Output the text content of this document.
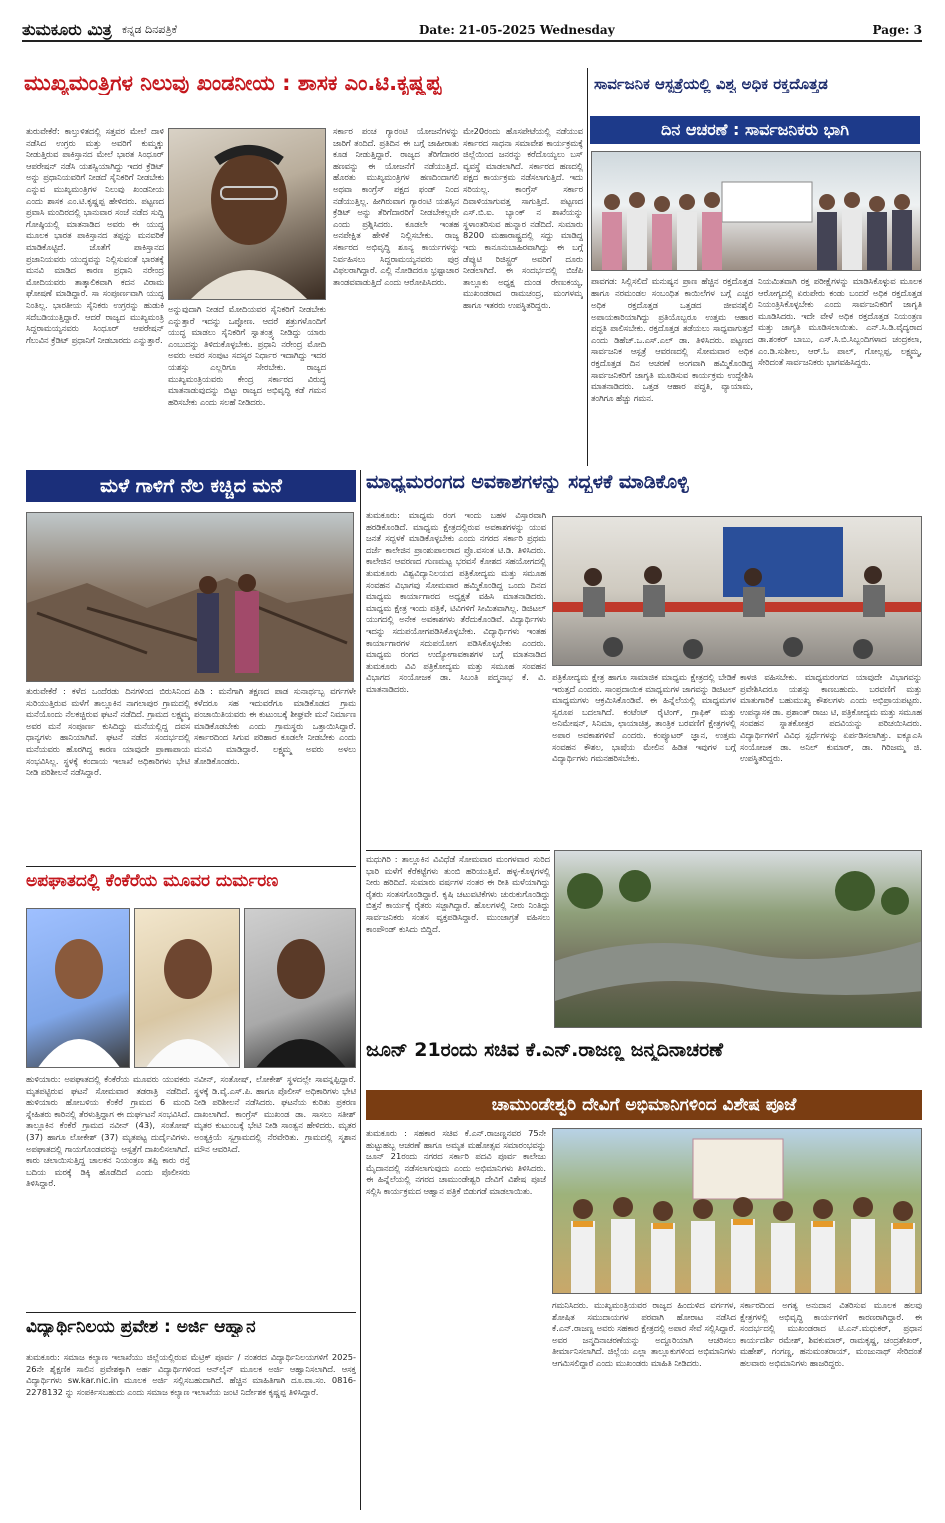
ತುಮಕೂರು ಮಿತ್ರ ಕನ್ನಡ ದಿನಪತ್ರಿಕೆ	Date: 21-05-2025 Wednesday	Page: 3
ಮುಖ್ಯಮಂತ್ರಿಗಳ ನಿಲುವು ಖಂಡನೀಯ : ಶಾಸಕ ಎಂ.ಟಿ.ಕೃಷ್ಣಪ್ಪ	ಸಾರ್ವಜನಿಕ ಆಸ್ಪತ್ರೆಯಲ್ಲಿ ವಿಶ್ವ ಅಧಿಕ ರಕ್ತದೊತ್ತಡ
ದಿನ ಆಚರಣೆ : ಸಾರ್ವಜನಿಕರು ಭಾಗಿ

ತುರುವೇಕೆರೆ: ಕಾಲ್ತುಳಿತದಲ್ಲಿ ಸತ್ತವರ ಮೇಲೆ ದಾಳಿ ನಡೆಸಿದ ಉಗ್ರರು ಮತ್ತು ಅವರಿಗೆ ಕುಮ್ಮಕ್ಕು ನೀಡುತ್ತಿರುವ ಪಾಕಿಸ್ತಾನದ ಮೇಲೆ ಭಾರತ ಸಿಂಧೂರ್ ಆಪರೇಷನ್ ನಡೆಸಿ ಯಶಸ್ವಿಯಾಗಿದ್ದು ಇದರ ಕ್ರೆಡಿಟ್ ಅನ್ನು ಪ್ರಧಾನಿಯವರಿಗೆ ನೀಡದೆ ಸೈನಿಕರಿಗೆ ನೀಡಬೇಕು ಎನ್ನುವ ಮುಖ್ಯಮಂತ್ರಿಗಳ ನಿಲುವು ಖಂಡನೀಯ ಎಂದು ಶಾಸಕ ಎಂ.ಟಿ.ಕೃಷ್ಣಪ್ಪ ಹೇಳಿದರು. ಪಟ್ಟಣದ ಪ್ರವಾಸಿ ಮಂದಿರದಲ್ಲಿ ಭಾನುವಾರ ಸಂಜೆ ನಡೆದ ಸುದ್ದಿ ಗೋಷ್ಠಿಯಲ್ಲಿ ಮಾತನಾಡಿದ ಅವರು ಈ ಯುದ್ಧ ಮೂಲಕ ಭಾರತ ಪಾಕಿಸ್ತಾನದ ತಪ್ಪನ್ನು ಮನವರಿಕೆ ಮಾಡಿಕೊಟ್ಟಿದೆ. ಜೊತೆಗೆ ಪಾಕಿಸ್ತಾನದ ಪ್ರಜಾನಿಯವರು ಯುದ್ಧವನ್ನು ನಿಲ್ಲಿಸುವಂತೆ ಭಾರತಕ್ಕೆ ಮನವಿ ಮಾಡಿದ ಕಾರಣ ಪ್ರಧಾನಿ ನರೇಂದ್ರ ಮೋದಿಯವರು ತಾತ್ಕಾಲಿಕವಾಗಿ ಕದನ ವಿರಾಮ ಘೋಷಣೆ ಮಾಡಿದ್ದಾರೆ. ಸಾ ಸಂಪೂರ್ಣವಾಗಿ ಯುದ್ಧ ನಿಂತಿಲ್ಲ. ಭಾರತೀಯ ಸೈನಿಕರು ಉಗ್ರರನ್ನು ಹುಡುಕಿ ಸದೆಬಡಿಯುತ್ತಿದ್ದಾರೆ. ಆದರೆ ರಾಜ್ಯದ ಮುಖ್ಯಮಂತ್ರಿ ಸಿದ್ದರಾಮಯ್ಯನವರು ಸಿಂಧೂರ್ ಆಪರೇಷನ್ ಗೆಲುವಿನ ಕ್ರೆಡಿಟ್ ಪ್ರಧಾನಿಗೆ ನೀಡಬಾರದು ಎನ್ನುತ್ತಾರೆ.

ಅನ್ನುವುದಾಗಿ ನೀಡದೆ ಮೋದಿಯವರ ಸೈನಿಕರಿಗೆ ನೀಡಬೇಕು ಎನ್ನುತ್ತಾರೆ ಇದನ್ನು ಒಪ್ಪೋಣ. ಆದರೆ ಶತ್ರುಗಳೊಂದಿಗೆ ಯುದ್ಧ ಮಾಡಲು ಸೈನಿಕರಿಗೆ ಸ್ವಾತಂತ್ರ್ಯ ನೀಡಿದ್ದು ಯಾರು ಎಂಬುದನ್ನು ತಿಳಿದುಕೊಳ್ಳಬೇಕು. ಪ್ರಧಾನಿ ನರೇಂದ್ರ ಮೋದಿ ಅವರು ಅವರ ಸಂಪುಟ ಸದಸ್ಯರ ನಿರ್ಧಾರ ಇದಾಗಿದ್ದು ಇದರ ಯಶಸ್ಸು ಎಲ್ಲರಿಗೂ ಸೇರಬೇಕು. ರಾಜ್ಯದ ಮುಖ್ಯಮಂತ್ರಿಯವರು ಕೇಂದ್ರ ಸರ್ಕಾರದ ವಿರುದ್ಧ ಮಾತನಾಡುವುದನ್ನು ಬಿಟ್ಟು ರಾಜ್ಯದ ಅಭಿವೃದ್ಧಿ ಕಡೆ ಗಮನ ಹರಿಸಬೇಕು ಎಂದು ಸಲಹೆ ನೀಡಿದರು.

ಸರ್ಕಾರ ಪಂಚ ಗ್ಯಾರಂಟಿ ಯೋಜನೆಗಳನ್ನು ಜಾರಿಗೆ ತಂದಿದೆ. ಪ್ರತಿದಿನ ಈ ಬಗ್ಗೆ ಜಾಹೀರಾತು ಕೂಡ ನೀಡುತ್ತಿದ್ದಾರೆ. ರಾಜ್ಯದ ತೆರಿಗೆದಾರರ ಹಣವನ್ನು ಈ ಯೋಜನೆಗೆ ನಡೆಯುತ್ತಿದೆ. ಹೊರತು ಮುಖ್ಯಮಂತ್ರಿಗಳ ಹಣದಿಂದಾಗಲಿ ಅಥವಾ ಕಾಂಗ್ರೆಸ್ ಪಕ್ಷದ ಫಂಡ್ ನಿಂದ ನಡೆಯುತ್ತಿಲ್ಲ. ಹೀಗಿರುವಾಗ ಗ್ಯಾರಂಟಿ ಯಶಸ್ಸಿನ ಕ್ರೆಡಿಟ್ ಅನ್ನು ತೆರಿಗೆದಾರರಿಗೆ ನೀಡಬೇಕಲ್ಲವೇ ಎಂದು ಪ್ರಶ್ನಿಸಿದರು. ಕೂಡಲೇ ಇಂತಹ ಅನಪೇಕ್ಷಿತ ಹೇಳಿಕೆ ನಿಲ್ಲಿಸಬೇಕು. ರಾಜ್ಯ ಸರ್ಕಾರದ ಅಭಿವೃದ್ಧಿ ಶೂನ್ಯ ಕಾರ್ಯಗಳನ್ನು ನಿರ್ವಹಿಸಲು ಸಿದ್ದರಾಮಯ್ಯನವರು ಪುರ್ರ ವಿಫಲರಾಗಿದ್ದಾರೆ. ಎಲ್ಲಿ ನೋಡಿದರೂ ಭ್ರಷ್ಟಾಚಾರ ತಾಂಡವವಾಡುತ್ತಿದೆ ಎಂದು ಆರೋಪಿಸಿದರು.

ಮೇ20ರಂದು ಹೊಸಪೇಟೆಯಲ್ಲಿ ನಡೆಯುವ ಸರ್ಕಾರದ ಸಾಧನಾ ಸಮಾವೇಶ ಕಾರ್ಯಕ್ರಮಕ್ಕೆ ಜಿಲ್ಲೆಯಿಂದ ಜನರನ್ನು ಕರೆದೊಯ್ಯಲು ಬಸ್ ವ್ಯವಸ್ಥೆ ಮಾಡಲಾಗಿದೆ. ಸರ್ಕಾರದ ಹಣದಲ್ಲಿ ಪಕ್ಷದ ಕಾರ್ಯಕ್ರಮ ನಡೆಸಲಾಗುತ್ತಿದೆ. ಇದು ಸರಿಯಲ್ಲ. ಕಾಂಗ್ರೆಸ್ ಸರ್ಕಾರ ದಿವಾಳಿಯಾಗುವತ್ತ ಸಾಗುತ್ತಿದೆ. ಪಟ್ಟಣದ ಎಸ್.ಬಿ.ಐ. ಬ್ಯಾಂಕ್ ನ ಶಾಖೆಯನ್ನು ಸ್ಥಳಾಂತರಿಸುವ ಹುನ್ನಾರ ನಡೆದಿದೆ. ಸುಮಾರು 8200 ಮಹಾರಾಷ್ಟ್ರದಲ್ಲಿ ಸದ್ದು ಮಾಡಿದ್ದ ಇದು ಕಾನೂನುಬಾಹಿರವಾಗಿದ್ದು ಈ ಬಗ್ಗೆ ಡೆಪ್ಯುಟಿ ರಿಜಿಸ್ಟ್ರರ್ ಅವರಿಗೆ ದೂರು ನೀಡಲಾಗಿದೆ. ಈ ಸಂದರ್ಭದಲ್ಲಿ ಬಿಜೆಪಿ ತಾಲ್ಲೂಕು ಅಧ್ಯಕ್ಷ ದುಂಡ ರೇಣುಕಯ್ಯ, ಮುಖಂಡರಾದ ರಾಮಚಂದ್ರ, ಮಂಗಳಮ್ಮ ಹಾಗೂ ಇತರರು ಉಪಸ್ಥಿತರಿದ್ದರು.

ಪಾವಗಡ: ಸಿಲ್ಲಿಸಲಿದೆ ಮನುಷ್ಯನ ಪ್ರಾಣ ಹೆಚ್ಚಿನ ರಕ್ತದೊತ್ತಡ ಹಾಗೂ ನರಮಂಡಲ ಸಂಬಂಧಿತ ಕಾಯಿಲೆಗಳ ಬಗ್ಗೆ ಎಚ್ಚರ

ಅಧಿಕ ರಕ್ತದೊತ್ತಡ ಒತ್ತಡದ ಜೀವನಶೈಲಿ ಅಪಾಯಕಾರಿಯಾಗಿದ್ದು ಪ್ರತಿಯೊಬ್ಬರೂ ಉತ್ತಮ ಆಹಾರ ಪದ್ಧತಿ ಪಾಲಿಸಬೇಕು. ರಕ್ತದೊತ್ತಡ ತಡೆಯಲು ಸಾಧ್ಯವಾಗುತ್ತದೆ ಎಂದು ಡಿಹೆಚ್.ಒ.ಎಸ್.ಎಲ್ ಡಾ. ತಿಳಿಸಿದರು. ಪಟ್ಟಣದ ಸಾರ್ವಜನಿಕ ಆಸ್ಪತ್ರೆ ಆವರಣದಲ್ಲಿ ಸೋಮವಾರ ಅಧಿಕ ರಕ್ತದೊತ್ತಡ ದಿನ ಆಚರಣೆ ಅಂಗವಾಗಿ ಹಮ್ಮಿಕೊಂಡಿದ್ದ ಸಾರ್ವಜನಿಕರಿಗೆ ಜಾಗೃತಿ ಮೂಡಿಸುವ ಕಾರ್ಯಕ್ರಮ ಉದ್ದೇಶಿಸಿ ಮಾತನಾಡಿದರು. ಒತ್ತಡ ಆಹಾರ ಪದ್ಧತಿ, ವ್ಯಾಯಾಮ, ತಂಗಿಗೂ ಹೆಚ್ಚು ಗಮನ.

ನಿಯಮಿತವಾಗಿ ರಕ್ತ ಪರೀಕ್ಷೆಗಳನ್ನು ಮಾಡಿಸಿಕೊಳ್ಳುವ ಮೂಲಕ ಆರೋಗ್ಯದಲ್ಲಿ ಏರುಪೇರು ಕಂಡು ಬಂದರೆ ಅಧಿಕ ರಕ್ತದೊತ್ತಡ ನಿಯಂತ್ರಿಸಿಕೊಳ್ಳಬೇಕು ಎಂದು ಸಾರ್ವಜನಿಕರಿಗೆ ಜಾಗೃತಿ ಮೂಡಿಸಿದರು. ಇದೇ ವೇಳೆ ಅಧಿಕ ರಕ್ತದೊತ್ತಡ ನಿಯಂತ್ರಣ ಮತ್ತು ಜಾಗೃತಿ ಮೂಡಿಸಲಾಯಿತು. ಎನ್.ಸಿ.ಡಿ.ವೈದ್ಯರಾದ ಡಾ.ಶಂಕರ್ ಬಾಬು, ಎಸ್.ಸಿ.ಬಿ.ಸಿಬ್ಬಂದಿಗಳಾದ ಚಂದ್ರಕಲಾ, ಎಂ.ಡಿ.ಸುಶೀಲ, ಆರ್.ಓ ಪಾಲ್, ಗೋಲ್ಲಪ್ಪ, ಲಕ್ಷ್ಮಮ್ಮ, ಸೇರಿದಂತೆ ಸಾರ್ವಜನಿಕರು ಭಾಗವಹಿಸಿದ್ದರು.

ಮಳೆ ಗಾಳಿಗೆ ನೆಲ ಕಚ್ಚಿದ ಮನೆ	ಮಾಧ್ಯಮರಂಗದ ಅವಕಾಶಗಳನ್ನು ಸದ್ಬಳಕೆ ಮಾಡಿಕೊಳ್ಳಿ

ತುರುವೇಕೆರೆ : ಕಳೆದ ಒಂದೆರಡು ದಿನಗಳಿಂದ ಬಿರುಸಿನಿಂದ ಸುರಿಯುತ್ತಿರುವ ಮಳೆಗೆ ತಾಲ್ಲೂಕಿನ ನಾಗಲಾಪುರ ಗ್ರಾಮದಲ್ಲಿ ಮನೆಯೊಂದು ನೆಲಕಚ್ಚಿರುವ ಘಟನೆ ನಡೆದಿದೆ. ಗ್ರಾಮದ ಲಕ್ಷ್ಮಮ್ಮ ಅವರ ಮನೆ ಸಂಪೂರ್ಣ ಕುಸಿದಿದ್ದು ಮನೆಯಲ್ಲಿದ್ದ ದವಸ ಧಾನ್ಯಗಳು ಹಾನಿಯಾಗಿವೆ. ಘಟನೆ ನಡೆದ ಸಂದರ್ಭದಲ್ಲಿ ಮನೆಯವರು ಹೊರಗಿದ್ದ ಕಾರಣ ಯಾವುದೇ ಪ್ರಾಣಾಪಾಯ ಸಂಭವಿಸಿಲ್ಲ. ಸ್ಥಳಕ್ಕೆ ಕಂದಾಯ ಇಲಾಖೆ ಅಧಿಕಾರಿಗಳು ಭೇಟಿ ನೀಡಿ ಪರಿಶೀಲನೆ ನಡೆಸಿದ್ದಾರೆ.

ಪಿಡಿ : ಮನೆಗಾಗಿ ತಕ್ಷಣದ ಪಾಡ ಸುನಾರ್ಥಬ್ಬ ವರ್ಗಗಳೇ ಕಳೆದರೂ ಸಹ ಇದುವರೆಗೂ ಮಾಡಿಕೊಡದ ಗ್ರಾಮ ಪಂಚಾಯಿತಿಯವರು ಈ ಕುಟುಂಬಕ್ಕೆ ಶೀಘ್ರವೇ ಮನೆ ನಿರ್ಮಾಣ ಮಾಡಿಕೊಡಬೇಕು ಎಂದು ಗ್ರಾಮಸ್ಥರು ಒತ್ತಾಯಿಸಿದ್ದಾರೆ. ಸರ್ಕಾರದಿಂದ ಸಿಗುವ ಪರಿಹಾರ ಕೂಡಲೇ ನೀಡಬೇಕು ಎಂದು ಮನವಿ ಮಾಡಿದ್ದಾರೆ. ಲಕ್ಷ್ಮಮ್ಮ ಅವರು ಅಳಲು ತೋಡಿಕೊಂಡರು.

ತುಮಕೂರು: ಮಾಧ್ಯಮ ರಂಗ ಇಂದು ಬಹಳ ವಿಸ್ತಾರವಾಗಿ ಹರಡಿಕೊಂಡಿದೆ. ಮಾಧ್ಯಮ ಕ್ಷೇತ್ರದಲ್ಲಿರುವ ಅವಕಾಶಗಳನ್ನು ಯುವ ಜನತೆ ಸದ್ಬಳಕೆ ಮಾಡಿಕೊಳ್ಳಬೇಕು ಎಂದು ನಗರದ ಸರ್ಕಾರಿ ಪ್ರಥಮ ದರ್ಜೆ ಕಾಲೇಜಿನ ಪ್ರಾಂಶುಪಾಲರಾದ ಪ್ರೊ.ವಸಂತ ಟಿ.ಡಿ. ತಿಳಿಸಿದರು. ಕಾಲೇಜಿನ ಆವರಣದ ಗುಣಮಟ್ಟ ಭರವಸೆ ಕೋಶದ ಸಹಯೋಗದಲ್ಲಿ ತುಮಕೂರು ವಿಶ್ವವಿದ್ಯಾನಿಲಯದ ಪತ್ರಿಕೋದ್ಯಮ ಮತ್ತು ಸಮೂಹ ಸಂವಹನ ವಿಭಾಗವು ಸೋಮವಾರ ಹಮ್ಮಿಕೊಂಡಿದ್ದ ಒಂದು ದಿನದ ಮಾಧ್ಯಮ ಕಾರ್ಯಾಗಾರದ ಅಧ್ಯಕ್ಷತೆ ವಹಿಸಿ ಮಾತನಾಡಿದರು. ಮಾಧ್ಯಮ ಕ್ಷೇತ್ರ ಇಂದು ಪತ್ರಿಕೆ, ಟಿವಿಗಳಿಗೆ ಸೀಮಿತವಾಗಿಲ್ಲ. ಡಿಜಿಟಲ್ ಯುಗದಲ್ಲಿ ಅನೇಕ ಅವಕಾಶಗಳು ತೆರೆದುಕೊಂಡಿವೆ. ವಿದ್ಯಾರ್ಥಿಗಳು ಇದನ್ನು ಸದುಪಯೋಗಪಡಿಸಿಕೊಳ್ಳಬೇಕು. ವಿದ್ಯಾರ್ಥಿಗಳು ಇಂತಹ ಕಾರ್ಯಾಗಾರಗಳ ಸದುಪಯೋಗ ಪಡಿಸಿಕೊಳ್ಳಬೇಕು ಎಂದರು. ಮಾಧ್ಯಮ ರಂಗದ ಉದ್ಯೋಗಾವಕಾಶಗಳ ಬಗ್ಗೆ ಮಾತನಾಡಿದ ತುಮಕೂರು ವಿವಿ ಪತ್ರಿಕೋದ್ಯಮ ಮತ್ತು ಸಮೂಹ ಸಂವಹನ ವಿಭಾಗದ ಸಂಯೋಜಕ ಡಾ. ಸಿಬಂತಿ ಪದ್ಮನಾಭ ಕೆ. ವಿ. ಮಾತನಾಡಿದರು.

ಪತ್ರಿಕೋದ್ಯಮ ಕ್ಷೇತ್ರ ಹಾಗೂ ಸಾಮಾಜಿಕ ಮಾಧ್ಯಮ ಕ್ಷೇತ್ರದಲ್ಲಿ ಬೇಡಿಕೆ ಇರುತ್ತದೆ ಎಂದರು. ಸಾಂಪ್ರದಾಯಿಕ ಮಾಧ್ಯಮಗಳ ಜಾಗವನ್ನು ಡಿಜಿಟಲ್ ಮಾಧ್ಯಮಗಳು ಆಕ್ರಮಿಸಿಕೊಂಡಿವೆ. ಈ ಹಿನ್ನೆಲೆಯಲ್ಲಿ ಮಾಧ್ಯಮಗಳ ಸ್ವರೂಪ ಬದಲಾಗಿದೆ. ಕಂಟೆಂಟ್ ರೈಟಿಂಗ್, ಗ್ರಾಫಿಕ್ ಮತ್ತು ಅನಿಮೇಷನ್, ಸಿನಿಮಾ, ಛಾಯಾಚಿತ್ರ, ತಾಂತ್ರಿಕ ಬರವಣಿಗೆ ಕ್ಷೇತ್ರಗಳಲ್ಲಿ ಅಪಾರ ಅವಕಾಶಗಳಿವೆ ಎಂದರು. ಕಂಪ್ಯೂಟರ್ ಜ್ಞಾನ, ಉತ್ತಮ ಸಂವಹನ ಕೌಶಲ, ಭಾಷೆಯ ಮೇಲಿನ ಹಿಡಿತ ಇವುಗಳ ಬಗ್ಗೆ ವಿದ್ಯಾರ್ಥಿಗಳು ಗಮನಹರಿಸಬೇಕು.

ಕಾಳಜಿ ವಹಿಸಬೇಕು. ಮಾಧ್ಯಮರಂಗದ ಯಾವುದೇ ವಿಭಾಗವನ್ನು ಪ್ರವೇಶಿಸಿದರೂ ಯಶಸ್ಸು ಕಾಣಬಹುದು. ಬರವಣಿಗೆ ಮತ್ತು ಮಾತುಗಾರಿಕೆ ಬಹುಮುಖ್ಯ ಕೌಶಲಗಳು ಎಂದು ಅಭಿಪ್ರಾಯಪಟ್ಟರು. ಉಪನ್ಯಾಸಕ ಡಾ. ಪ್ರಶಾಂತ್ ರಾಜು ಟಿ, ಪತ್ರಿಕೋದ್ಯಮ ಮತ್ತು ಸಮೂಹ ಸಂವಹನ ಸ್ನಾತಕೋತ್ತರ ಪದವಿಯನ್ನು ಪರಿಚಯಿಸಿದರು. ವಿದ್ಯಾರ್ಥಿಗಳಿಗೆ ವಿವಿಧ ಸ್ಪರ್ಧೆಗಳನ್ನು ಏರ್ಪಡಿಸಲಾಗಿತ್ತು. ಐಕ್ಯೂಎಸಿ ಸಂಯೋಜಕ ಡಾ. ಅನಿಲ್ ಕುಮಾರ್, ಡಾ. ಗಿರಿಜಮ್ಮ ಜಿ. ಉಪಸ್ಥಿತರಿದ್ದರು.

ಅಪಘಾತದಲ್ಲಿ ಕೆಂಕೆರೆಯ ಮೂವರ ದುರ್ಮರಣ

ಹುಳಿಯಾರು: ಅಪಘಾತದಲ್ಲಿ ಕೆಂಕೆರೆಯ ಮೂವರು ಯುವಕರು ಮೃತಪಟ್ಟಿರುವ ಘಟನೆ ಸೋಮವಾರ ತಡರಾತ್ರಿ ನಡೆದಿದೆ. ಹುಳಿಯಾರು ಹೋಬಳಿಯ ಕೆಂಕೆರೆ ಗ್ರಾಮದ 6 ಮಂದಿ ಸ್ನೇಹಿತರು ಕಾರಿನಲ್ಲಿ ತೆರಳುತ್ತಿದ್ದಾಗ ಈ ದುರ್ಘಟನೆ ಸಂಭವಿಸಿದೆ. ತಾಲ್ಲೂಕಿನ ಕೆಂಕೆರೆ ಗ್ರಾಮದ ನವೀನ್ (43), ಸಂತೋಷ್ (37) ಹಾಗೂ ಲೋಕೇಶ್ (37) ಮೃತಪಟ್ಟ ದುರ್ದೈವಿಗಳು. ಅಪಘಾತದಲ್ಲಿ ಗಾಯಗೊಂಡವರನ್ನು ಆಸ್ಪತ್ರೆಗೆ ದಾಖಲಿಸಲಾಗಿದೆ. ಕಾರು ಚಲಾಯಿಸುತ್ತಿದ್ದ ಚಾಲಕನ ನಿಯಂತ್ರಣ ತಪ್ಪಿ ಕಾರು ರಸ್ತೆ ಬದಿಯ ಮರಕ್ಕೆ ಡಿಕ್ಕಿ ಹೊಡೆದಿದೆ ಎಂದು ಪೊಲೀಸರು ತಿಳಿಸಿದ್ದಾರೆ.

ನವೀನ್, ಸಂತೋಷ್, ಲೋಕೇಶ್ ಸ್ಥಳದಲ್ಲೇ ಸಾವನ್ನಪ್ಪಿದ್ದಾರೆ. ಸ್ಥಳಕ್ಕೆ ಡಿ.ವೈ.ಎಸ್.ಪಿ. ಹಾಗೂ ಪೊಲೀಸ್ ಅಧಿಕಾರಿಗಳು ಭೇಟಿ ನೀಡಿ ಪರಿಶೀಲನೆ ನಡೆಸಿದರು. ಘಟನೆಯ ಕುರಿತು ಪ್ರಕರಣ ದಾಖಲಾಗಿದೆ. ಕಾಂಗ್ರೆಸ್ ಮುಖಂಡ ಡಾ. ಸಾಸಲು ಸತೀಶ್ ಮೃತರ ಕುಟುಂಬಕ್ಕೆ ಭೇಟಿ ನೀಡಿ ಸಾಂತ್ವನ ಹೇಳಿದರು. ಮೃತರ ಅಂತ್ಯಕ್ರಿಯೆ ಸ್ವಗ್ರಾಮದಲ್ಲಿ ನೆರವೇರಿತು. ಗ್ರಾಮದಲ್ಲಿ ಸ್ಮಶಾನ ಮೌನ ಆವರಿಸಿದೆ.

ಮಧುಗಿರಿ : ತಾಲ್ಲೂಕಿನ ವಿವಿಧೆಡೆ ಸೋಮವಾರ ಮಂಗಳವಾರ ಸುರಿದ ಭಾರಿ ಮಳೆಗೆ ಕೆರೆಕಟ್ಟೆಗಳು ತುಂಬಿ ಹರಿಯುತ್ತಿವೆ. ಹಳ್ಳ-ಕೊಳ್ಳಗಳಲ್ಲಿ ನೀರು ಹರಿದಿದೆ. ಸುಮಾರು ವರ್ಷಗಳ ನಂತರ ಈ ರೀತಿ ಮಳೆಯಾಗಿದ್ದು ರೈತರು ಸಂತಸಗೊಂಡಿದ್ದಾರೆ. ಕೃಷಿ ಚಟುವಟಿಕೆಗಳು ಚುರುಕುಗೊಂಡಿದ್ದು ಬಿತ್ತನೆ ಕಾರ್ಯಕ್ಕೆ ರೈತರು ಸಜ್ಜಾಗಿದ್ದಾರೆ. ಹೊಲಗಳಲ್ಲಿ ನೀರು ನಿಂತಿದ್ದು ಸಾರ್ವಜನಿಕರು ಸಂತಸ ವ್ಯಕ್ತಪಡಿಸಿದ್ದಾರೆ. ಮುಂಜಾಗ್ರತೆ ವಹಿಸಲು ಕಾಂಪೌಂಡ್ ಕುಸಿದು ಬಿದ್ದಿದೆ.
ಜೂನ್ 21ರಂದು ಸಚಿವ ಕೆ.ಎನ್.ರಾಜಣ್ಣ ಜನ್ಮದಿನಾಚರಣೆ
ಚಾಮುಂಡೇಶ್ವರಿ ದೇವಿಗೆ ಅಭಿಮಾನಿಗಳಿಂದ ವಿಶೇಷ ಪೂಜೆ

ತುಮಕೂರು : ಸಹಕಾರ ಸಚಿವ ಕೆ.ಎನ್.ರಾಜಣ್ಣನವರ 75ನೇ ಹುಟ್ಟುಹಬ್ಬ ಆಚರಣೆ ಹಾಗೂ ಅಮೃತ ಮಹೋತ್ಸವ ಸಮಾರಂಭವನ್ನು ಜೂನ್ 21ರಂದು ನಗರದ ಸರ್ಕಾರಿ ಪದವಿ ಪೂರ್ವ ಕಾಲೇಜು ಮೈದಾನದಲ್ಲಿ ನಡೆಸಲಾಗುವುದು ಎಂದು ಅಭಿಮಾನಿಗಳು ತಿಳಿಸಿದರು. ಈ ಹಿನ್ನೆಲೆಯಲ್ಲಿ ನಗರದ ಚಾಮುಂಡೇಶ್ವರಿ ದೇವಿಗೆ ವಿಶೇಷ ಪೂಜೆ ಸಲ್ಲಿಸಿ ಕಾರ್ಯಕ್ರಮದ ಆಹ್ವಾನ ಪತ್ರಿಕೆ ಬಿಡುಗಡೆ ಮಾಡಲಾಯಿತು.

ಗಮನಿಸಿದರು. ಮುಖ್ಯಮಂತ್ರಿಯವರ ರಾಜ್ಯದ ಹಿಂದುಳಿದ ವರ್ಗಗಳ, ಶೋಷಿತ ಸಮುದಾಯಗಳ ಪರವಾಗಿ ಹೋರಾಟ ನಡೆಸಿದ ಕೆ.ಎನ್.ರಾಜಣ್ಣ ಅವರು ಸಹಕಾರ ಕ್ಷೇತ್ರದಲ್ಲಿ ಅಪಾರ ಸೇವೆ ಸಲ್ಲಿಸಿದ್ದಾರೆ. ಅವರ ಜನ್ಮದಿನಾಚರಣೆಯನ್ನು ಅದ್ದೂರಿಯಾಗಿ ಆಚರಿಸಲು ತೀರ್ಮಾನಿಸಲಾಗಿದೆ. ಜಿಲ್ಲೆಯ ಎಲ್ಲಾ ತಾಲ್ಲೂಕುಗಳಿಂದ ಅಭಿಮಾನಿಗಳು ಆಗಮಿಸಲಿದ್ದಾರೆ ಎಂದು ಮುಖಂಡರು ಮಾಹಿತಿ ನೀಡಿದರು.

ಸರ್ಕಾರದಿಂದ ಅಗತ್ಯ ಅನುದಾನ ವಿತರಿಸುವ ಮೂಲಕ ಹಲವು ಕ್ಷೇತ್ರಗಳಲ್ಲಿ ಅಭಿವೃದ್ಧಿ ಕಾರ್ಯಗಳಿಗೆ ಕಾರಣರಾಗಿದ್ದಾರೆ. ಈ ಸಂದರ್ಭದಲ್ಲಿ ಮುಖಂಡರಾದ ಟಿ.ಎನ್.ಮಧುಕರ್, ಪ್ರಧಾನ ಕಾರ್ಯದರ್ಶಿ ರಮೇಶ್, ಶಿವಕುಮಾರ್, ರಾಮಕೃಷ್ಣ, ಚಂದ್ರಶೇಖರ್, ಮಹೇಶ್, ಗಂಗಣ್ಣ, ಹನುಮಂತರಾಯ್, ಮಂಜುನಾಥ್ ಸೇರಿದಂತೆ ಹಲವಾರು ಅಭಿಮಾನಿಗಳು ಹಾಜರಿದ್ದರು.

ವಿದ್ಯಾರ್ಥಿನಿಲಯ ಪ್ರವೇಶ : ಅರ್ಜಿ ಆಹ್ವಾನ

ತುಮಕೂರು: ಸಮಾಜ ಕಲ್ಯಾಣ ಇಲಾಖೆಯು ಜಿಲ್ಲೆಯಲ್ಲಿರುವ ಮೆಟ್ರಿಕ್ ಪೂರ್ವ / ನಂತರದ ವಿದ್ಯಾರ್ಥಿನಿಲಯಗಳಿಗೆ 2025-26ನೇ ಶೈಕ್ಷಣಿಕ ಸಾಲಿನ ಪ್ರವೇಶಕ್ಕಾಗಿ ಅರ್ಹ ವಿದ್ಯಾರ್ಥಿಗಳಿಂದ ಆನ್‌ಲೈನ್ ಮೂಲಕ ಅರ್ಜಿ ಆಹ್ವಾನಿಸಲಾಗಿದೆ. ಆಸಕ್ತ ವಿದ್ಯಾರ್ಥಿಗಳು sw.kar.nic.in ಮೂಲಕ ಅರ್ಜಿ ಸಲ್ಲಿಸಬಹುದಾಗಿದೆ. ಹೆಚ್ಚಿನ ಮಾಹಿತಿಗಾಗಿ ದೂ.ವಾ.ಸಂ. 0816-2278132 ನ್ನು ಸಂಪರ್ಕಿಸಬಹುದು ಎಂದು ಸಮಾಜ ಕಲ್ಯಾಣ ಇಲಾಖೆಯ ಜಂಟಿ ನಿರ್ದೇಶಕ ಕೃಷ್ಣಪ್ಪ ತಿಳಿಸಿದ್ದಾರೆ.
